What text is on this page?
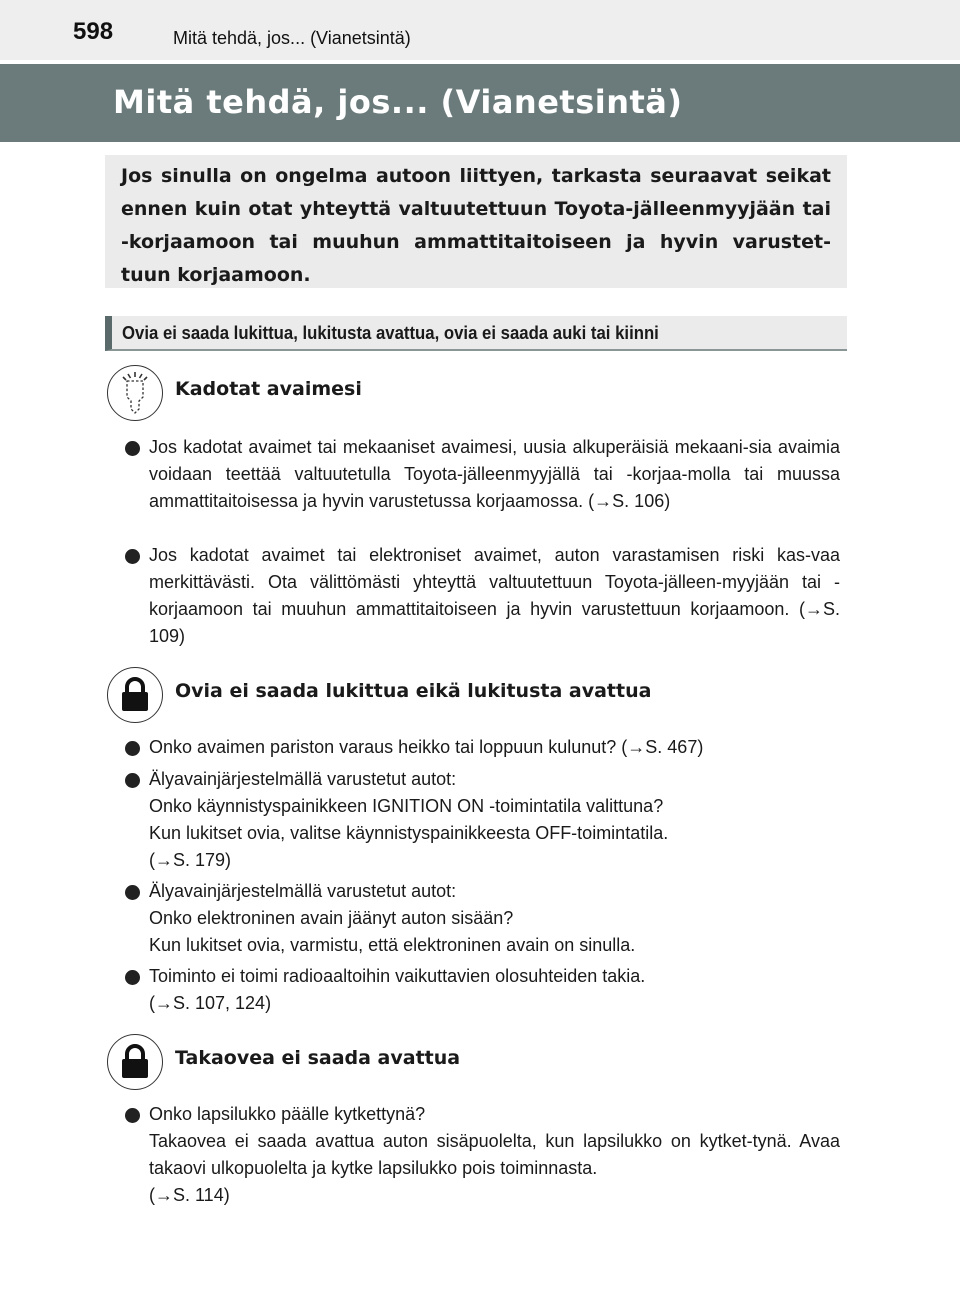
598	Mitä tehdä, jos... (Vianetsintä)
Mitä tehdä, jos... (Vianetsintä)

Jos sinulla on ongelma autoon liittyen, tarkasta seuraavat seikat ennen kuin otat yhteyttä valtuutettuun Toyota-jälleenmyyjään tai -korjaamoon tai muuhun ammattitaitoiseen ja hyvin varustet-tuun korjaamoon.

Ovia ei saada lukittua, lukitusta avattua, ovia ei saada auki tai kiinni
Kadotat avaimesi
Jos kadotat avaimet tai mekaaniset avaimesi, uusia alkuperäisiä mekaani-sia avaimia voidaan teettää valtuutetulla Toyota-jälleenmyyjällä tai -korjaa-molla tai muussa ammattitaitoisessa ja hyvin varustetussa korjaamossa. (→S. 106)
Jos kadotat avaimet tai elektroniset avaimet, auton varastamisen riski kas-vaa merkittävästi. Ota välittömästi yhteyttä valtuutettuun Toyota-jälleen-myyjään tai -korjaamoon tai muuhun ammattitaitoiseen ja hyvin varustettuun korjaamoon. (→S. 109)
Ovia ei saada lukittua eikä lukitusta avattua
Onko avaimen pariston varaus heikko tai loppuun kulunut? (→S. 467)
Älyavainjärjestelmällä varustetut autot:
Onko käynnistyspainikkeen IGNITION ON -toimintatila valittuna?
Kun lukitset ovia, valitse käynnistyspainikkeesta OFF-toimintatila.
(→S. 179)
Älyavainjärjestelmällä varustetut autot:
Onko elektroninen avain jäänyt auton sisään?
Kun lukitset ovia, varmistu, että elektroninen avain on sinulla.
Toiminto ei toimi radioaaltoihin vaikuttavien olosuhteiden takia.
(→S. 107, 124)
Takaovea ei saada avattua
Onko lapsilukko päälle kytkettynä?
Takaovea ei saada avattua auton sisäpuolelta, kun lapsilukko on kytket-tynä. Avaa takaovi ulkopuolelta ja kytke lapsilukko pois toiminnasta.
(→S. 114)
